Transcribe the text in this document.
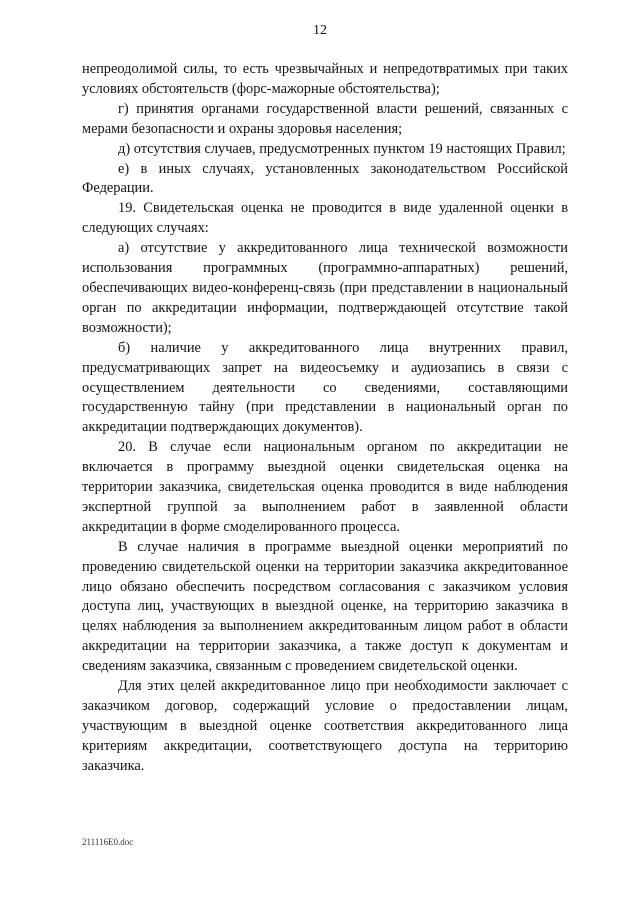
12

непреодолимой силы, то есть чрезвычайных и непредотвратимых при таких условиях обстоятельств (форс-мажорные обстоятельства);

г) принятия органами государственной власти решений, связанных с мерами безопасности и охраны здоровья населения;

д) отсутствия случаев, предусмотренных пунктом 19 настоящих Правил;

е) в иных случаях, установленных законодательством Российской Федерации.

19. Свидетельская оценка не проводится в виде удаленной оценки в следующих случаях:

а) отсутствие у аккредитованного лица технической возможности использования программных (программно-аппаратных) решений, обеспечивающих видео-конференц-связь (при представлении в национальный орган по аккредитации информации, подтверждающей отсутствие такой возможности);

б) наличие у аккредитованного лица внутренних правил, предусматривающих запрет на видеосъемку и аудиозапись в связи с осуществлением деятельности со сведениями, составляющими государственную тайну (при представлении в национальный орган по аккредитации подтверждающих документов).

20. В случае если национальным органом по аккредитации не включается в программу выездной оценки свидетельская оценка на территории заказчика, свидетельская оценка проводится в виде наблюдения экспертной группой за выполнением работ в заявленной области аккредитации в форме смоделированного процесса.

В случае наличия в программе выездной оценки мероприятий по проведению свидетельской оценки на территории заказчика аккредитованное лицо обязано обеспечить посредством согласования с заказчиком условия доступа лиц, участвующих в выездной оценке, на территорию заказчика в целях наблюдения за выполнением аккредитованным лицом работ в области аккредитации на территории заказчика, а также доступ к документам и сведениям заказчика, связанным с проведением свидетельской оценки.

Для этих целей аккредитованное лицо при необходимости заключает с заказчиком договор, содержащий условие о предоставлении лицам, участвующим в выездной оценке соответствия аккредитованного лица критериям аккредитации, соответствующего доступа на территорию заказчика.

211116E0.doc
